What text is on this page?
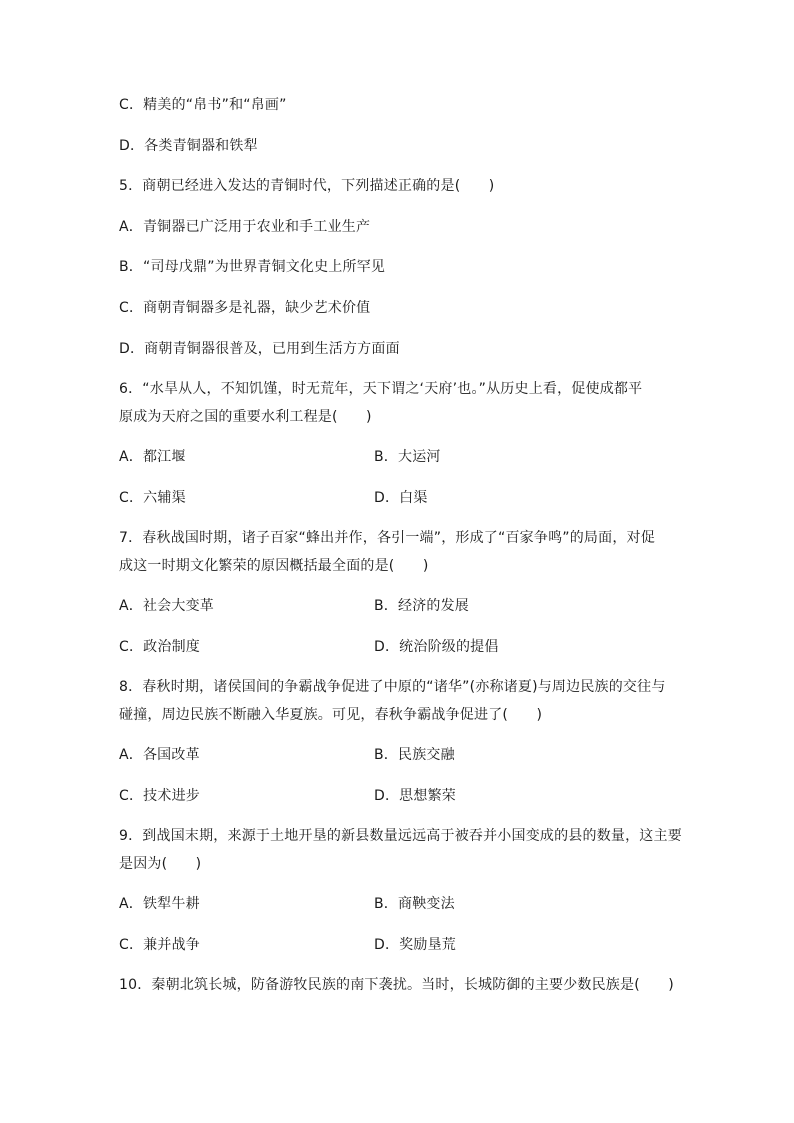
C．精美的“帛书”和“帛画”
D．各类青铜器和铁犁
5．商朝已经进入发达的青铜时代，下列描述正确的是(　　)
A．青铜器已广泛用于农业和手工业生产
B．“司母戊鼎”为世界青铜文化史上所罕见
C．商朝青铜器多是礼器，缺少艺术价值
D．商朝青铜器很普及，已用到生活方方面面
6．“水旱从人，不知饥馑，时无荒年，天下谓之‘天府’也。”从历史上看，促使成都平
原成为天府之国的重要水利工程是(　　)
A．都江堰	B．大运河
C．六辅渠	D．白渠
7．春秋战国时期，诸子百家“蜂出并作，各引一端”，形成了“百家争鸣”的局面，对促
成这一时期文化繁荣的原因概括最全面的是(　　)
A．社会大变革	B．经济的发展
C．政治制度	D．统治阶级的提倡
8．春秋时期，诸侯国间的争霸战争促进了中原的“诸华”(亦称诸夏)与周边民族的交往与
碰撞，周边民族不断融入华夏族。可见，春秋争霸战争促进了(　　)
A．各国改革	B．民族交融
C．技术进步	D．思想繁荣
9．到战国末期，来源于土地开垦的新县数量远远高于被吞并小国变成的县的数量，这主要
是因为(　　)
A．铁犁牛耕	B．商鞅变法
C．兼并战争	D．奖励垦荒
10．秦朝北筑长城，防备游牧民族的南下袭扰。当时，长城防御的主要少数民族是(　　)
